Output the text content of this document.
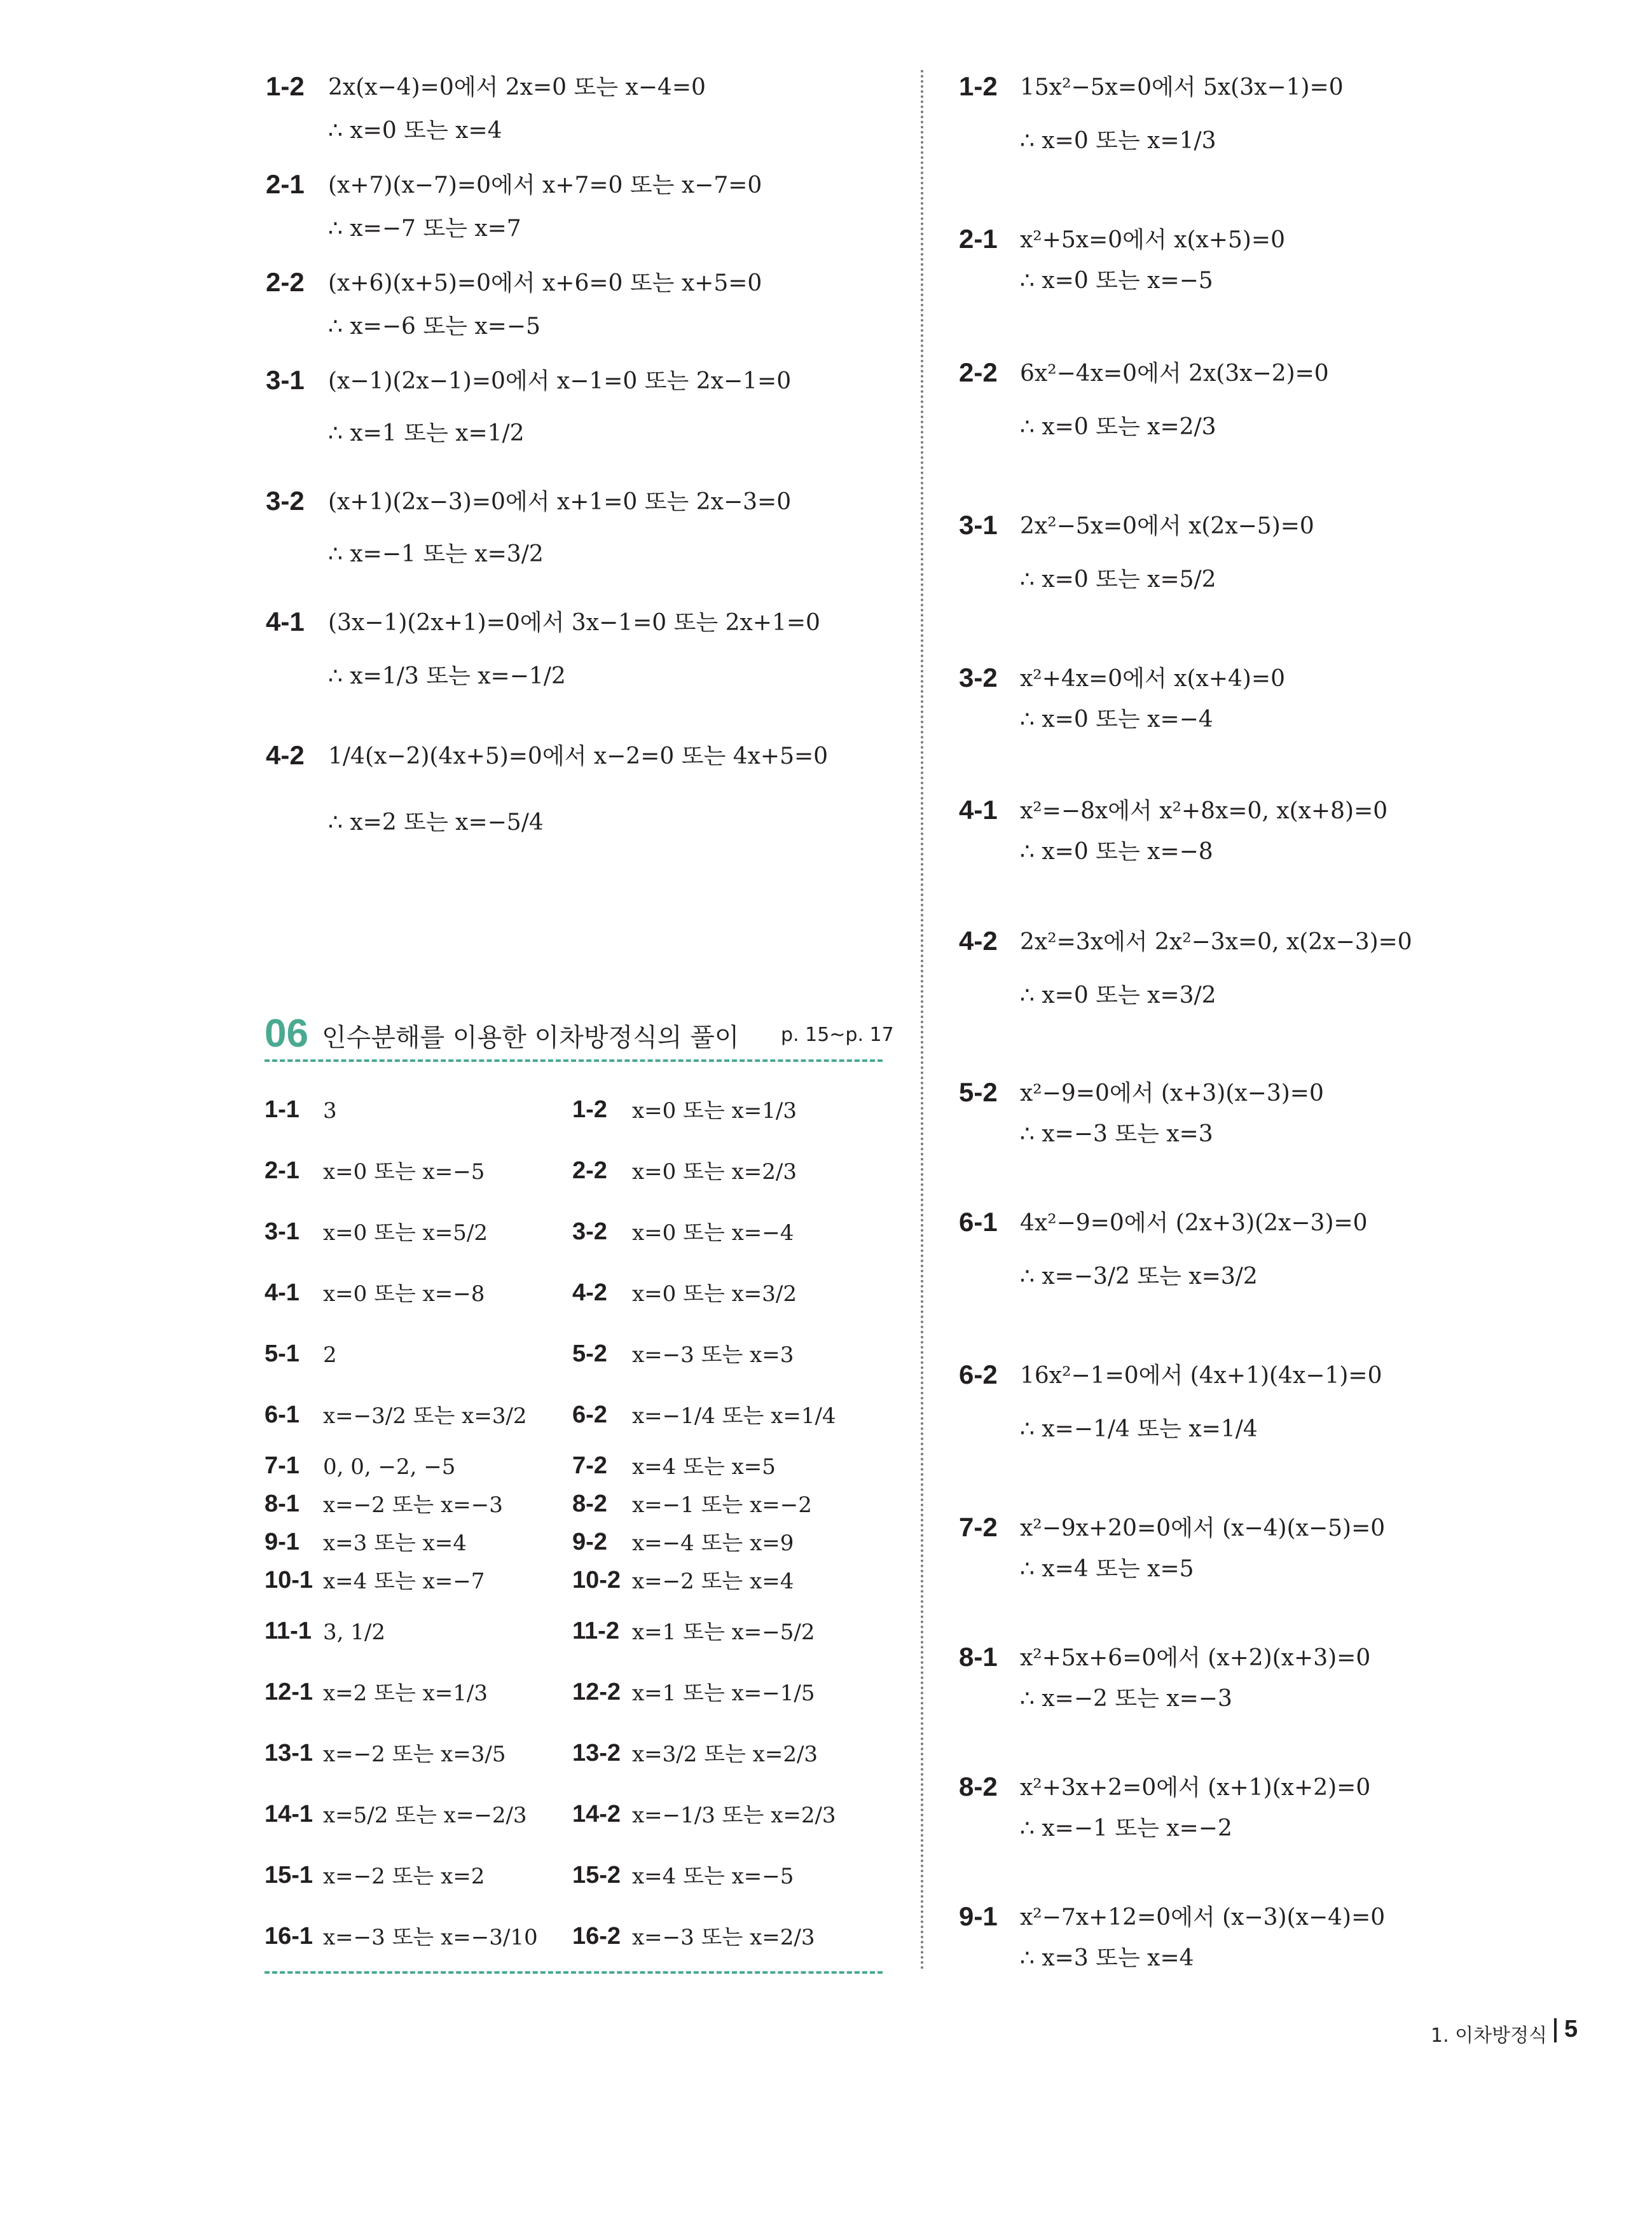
1-2 2x(x−4)=0에서 2x=0 또는 x−4=0
∴ x=0 또는 x=4
2-1 (x+7)(x−7)=0에서 x+7=0 또는 x−7=0
∴ x=−7 또는 x=7
2-2 (x+6)(x+5)=0에서 x+6=0 또는 x+5=0
∴ x=−6 또는 x=−5
3-1 (x−1)(2x−1)=0에서 x−1=0 또는 2x−1=0
∴ x=1 또는 x=1/2
3-2 (x+1)(2x−3)=0에서 x+1=0 또는 2x−3=0
∴ x=−1 또는 x=3/2
4-1 (3x−1)(2x+1)=0에서 3x−1=0 또는 2x+1=0
∴ x=1/3 또는 x=−1/2
4-2 1/4(x−2)(4x+5)=0에서 x−2=0 또는 4x+5=0
∴ x=2 또는 x=−5/4
06 인수분해를 이용한 이차방정식의 풀이 p. 15~p. 17
1-1 3	1-2 x=0 또는 x=1/3
2-1 x=0 또는 x=−5	2-2 x=0 또는 x=2/3
3-1 x=0 또는 x=5/2	3-2 x=0 또는 x=−4
4-1 x=0 또는 x=−8	4-2 x=0 또는 x=3/2
5-1 2	5-2 x=−3 또는 x=3
6-1 x=−3/2 또는 x=3/2 6-2 x=−1/4 또는 x=1/4
7-1 0, 0, −2, −5	7-2 x=4 또는 x=5
8-1 x=−2 또는 x=−3	8-2 x=−1 또는 x=−2
9-1 x=3 또는 x=4	9-2 x=−4 또는 x=9
10-1 x=4 또는 x=−7	10-2 x=−2 또는 x=4
11-1 3, 1/2	11-2 x=1 또는 x=−5/2
12-1 x=2 또는 x=1/3	12-2 x=1 또는 x=−1/5
13-1 x=−2 또는 x=3/5	13-2 x=3/2 또는 x=2/3
14-1 x=5/2 또는 x=−2/3 14-2 x=−1/3 또는 x=2/3
15-1 x=−2 또는 x=2	15-2 x=4 또는 x=−5
16-1 x=−3 또는 x=−3/10 16-2 x=−3 또는 x=2/3
1-2 15x²−5x=0에서 5x(3x−1)=0
∴ x=0 또는 x=1/3
2-1 x²+5x=0에서 x(x+5)=0
∴ x=0 또는 x=−5
2-2 6x²−4x=0에서 2x(3x−2)=0
∴ x=0 또는 x=2/3
3-1 2x²−5x=0에서 x(2x−5)=0
∴ x=0 또는 x=5/2
3-2 x²+4x=0에서 x(x+4)=0
∴ x=0 또는 x=−4
4-1 x²=−8x에서 x²+8x=0, x(x+8)=0
∴ x=0 또는 x=−8
4-2 2x²=3x에서 2x²−3x=0, x(2x−3)=0
∴ x=0 또는 x=3/2
5-2 x²−9=0에서 (x+3)(x−3)=0
∴ x=−3 또는 x=3
6-1 4x²−9=0에서 (2x+3)(2x−3)=0
∴ x=−3/2 또는 x=3/2
6-2 16x²−1=0에서 (4x+1)(4x−1)=0
∴ x=−1/4 또는 x=1/4
7-2 x²−9x+20=0에서 (x−4)(x−5)=0
∴ x=4 또는 x=5
8-1 x²+5x+6=0에서 (x+2)(x+3)=0
∴ x=−2 또는 x=−3
8-2 x²+3x+2=0에서 (x+1)(x+2)=0
∴ x=−1 또는 x=−2
9-1 x²−7x+12=0에서 (x−3)(x−4)=0
∴ x=3 또는 x=4
1. 이차방정식 5
